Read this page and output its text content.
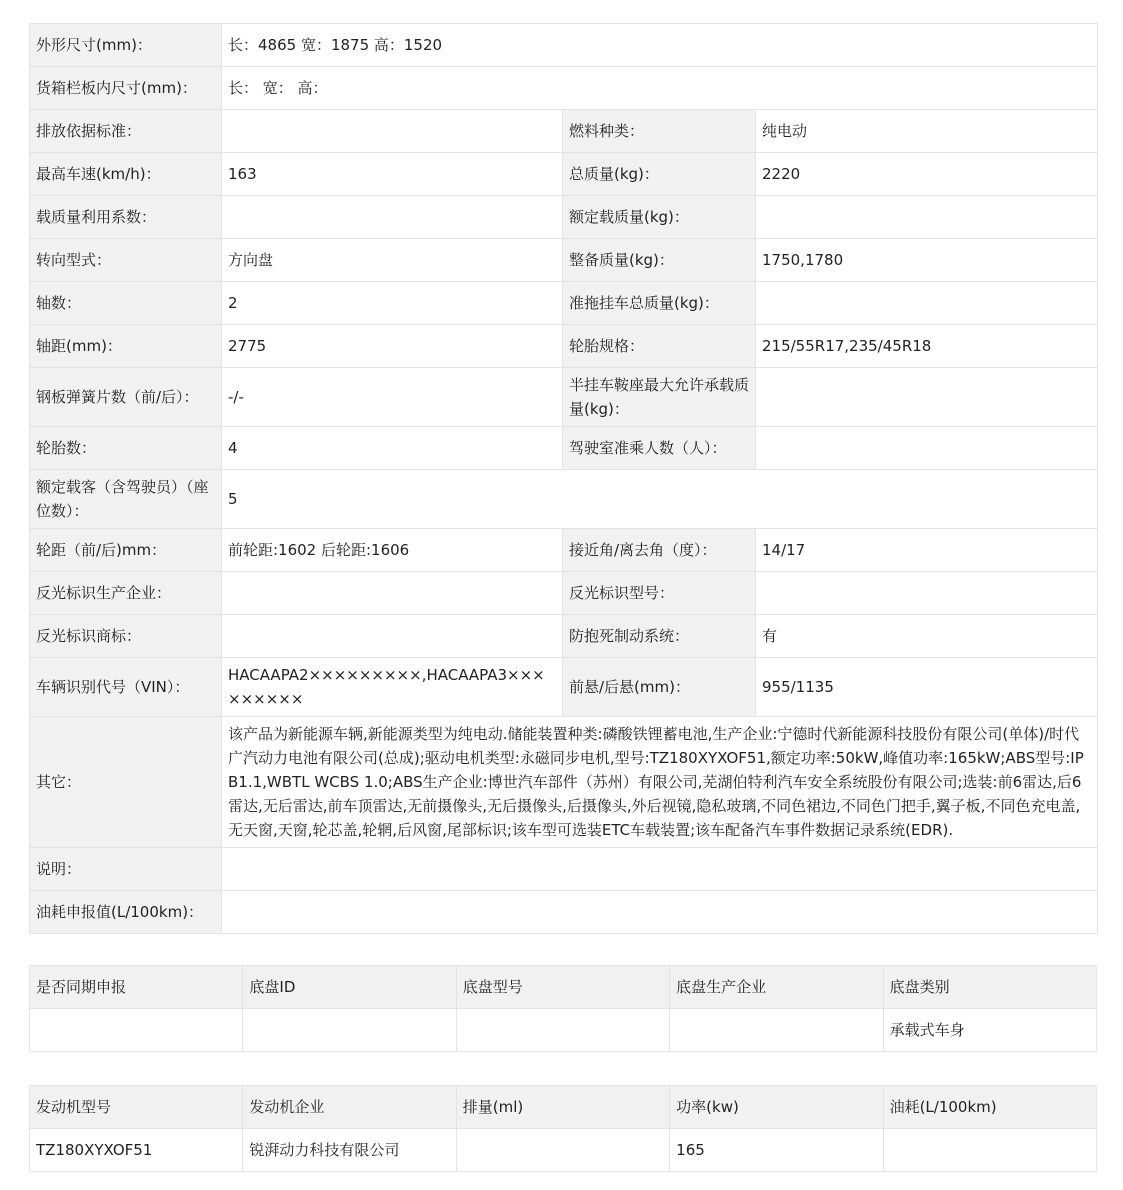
外形尺寸(mm)：	长：4865 宽：1875 高：1520		
货箱栏板内尺寸(mm)：	长： 宽： 高：		
排放依据标准：		燃料种类：	纯电动
最高车速(km/h)：	163	总质量(kg)：	2220
载质量利用系数：		额定载质量(kg)：	
转向型式：	方向盘	整备质量(kg)：	1750,1780
轴数：	2	准拖挂车总质量(kg)：	
轴距(mm)：	2775	轮胎规格：	215/55R17,235/45R18
钢板弹簧片数（前/后）：	-/-	半挂车鞍座最大允许承载质量(kg)：	
轮胎数：	4	驾驶室准乘人数（人）：	
额定载客（含驾驶员）（座位数）：	5		
轮距（前/后)mm：	前轮距:1602 后轮距:1606	接近角/离去角（度）：	14/17
反光标识生产企业：		反光标识型号：	
反光标识商标：		防抱死制动系统：	有
车辆识别代号（VIN）：	HACAAPA2×××××××××,HACAAPA3×××××××××	前悬/后悬(mm)：	955/1135
其它：	该产品为新能源车辆,新能源类型为纯电动.储能装置种类:磷酸铁锂蓄电池,生产企业:宁德时代新能源科技股份有限公司(单体)/时代广汽动力电池有限公司(总成);驱动电机类型:永磁同步电机,型号:TZ180XYXOF51,额定功率:50kW,峰值功率:165kW;ABS型号:IPB1.1,WBTL WCBS 1.0;ABS生产企业:博世汽车部件（苏州）有限公司,芜湖伯特利汽车安全系统股份有限公司;选装:前6雷达,后6雷达,无后雷达,前车顶雷达,无前摄像头,无后摄像头,后摄像头,外后视镜,隐私玻璃,不同色裙边,不同色门把手,翼子板,不同色充电盖,无天窗,天窗,轮芯盖,轮辋,后风窗,尾部标识;该车型可选装ETC车载装置;该车配备汽车事件数据记录系统(EDR).		
说明：			
油耗申报值(L/100km)：			
是否同期申报	底盘ID	底盘型号	底盘生产企业	底盘类别
				承载式车身
发动机型号	发动机企业	排量(ml)	功率(kw)	油耗(L/100km)
TZ180XYXOF51	锐湃动力科技有限公司		165	
